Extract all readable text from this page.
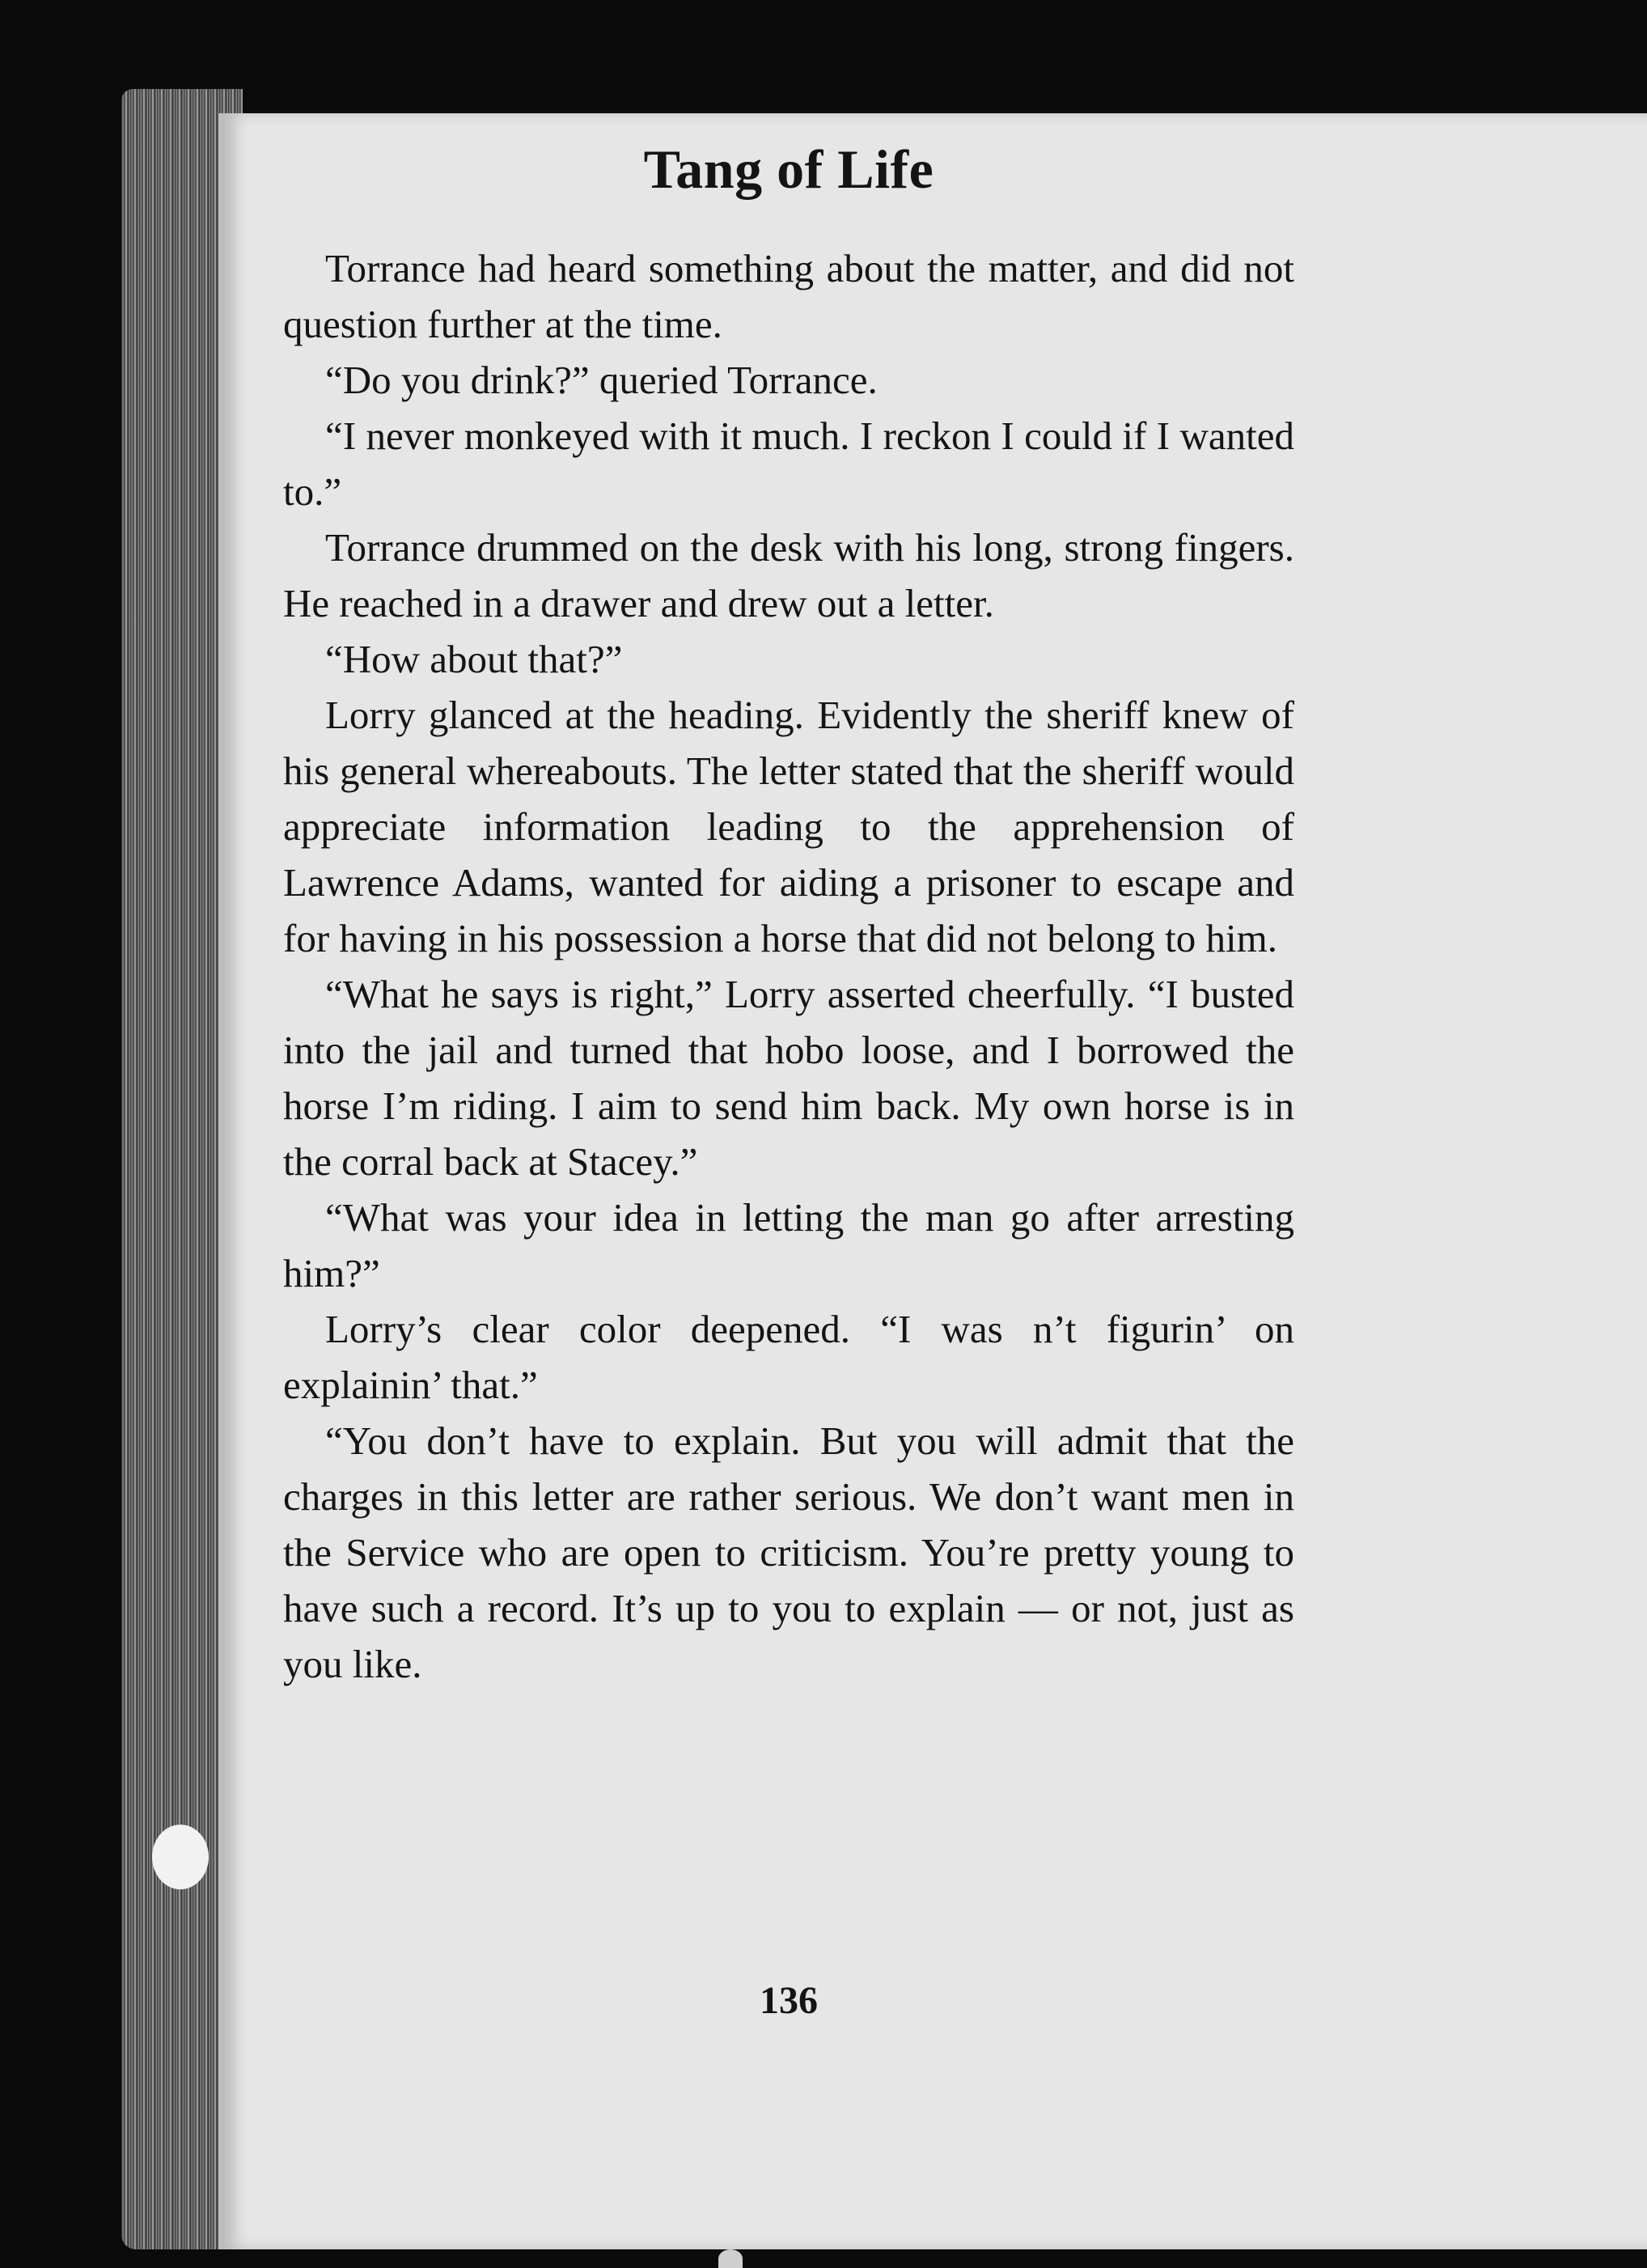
Tang of Life

Torrance had heard something about the matter, and did not question further at the time.

“Do you drink?” queried Torrance.

“I never monkeyed with it much. I reckon I could if I wanted to.”

Torrance drummed on the desk with his long, strong fingers. He reached in a drawer and drew out a letter.

“How about that?”

Lorry glanced at the heading. Evidently the sheriff knew of his general whereabouts. The letter stated that the sheriff would appreciate information leading to the apprehension of Lawrence Adams, wanted for aiding a prisoner to escape and for having in his possession a horse that did not belong to him.

“What he says is right,” Lorry asserted cheerfully. “I busted into the jail and turned that hobo loose, and I borrowed the horse I’m riding. I aim to send him back. My own horse is in the corral back at Stacey.”

“What was your idea in letting the man go after arresting him?”

Lorry’s clear color deepened. “I was n’t figurin’ on explainin’ that.”

“You don’t have to explain. But you will admit that the charges in this letter are rather serious. We don’t want men in the Service who are open to criticism. You’re pretty young to have such a record. It’s up to you to explain — or not, just as you like.

136
